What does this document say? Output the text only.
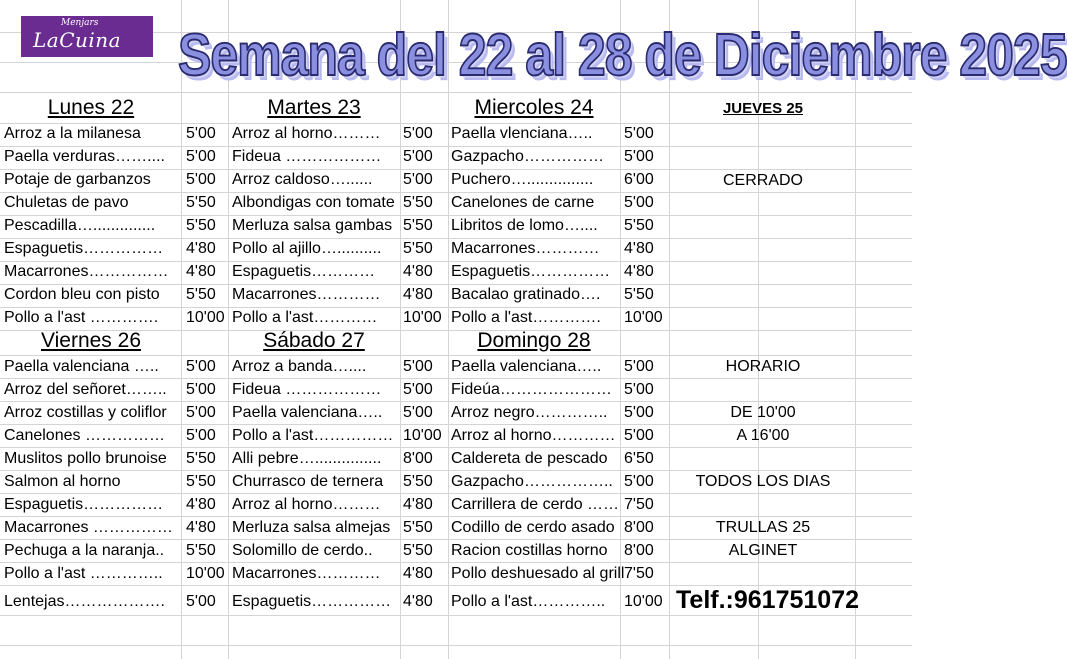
Menjars
LaCuina Semana del 22 al 28 de Diciembre 2025
Lunes 22	Martes 23	Miercoles 24	JUEVES 25
CERRADO
Arroz a la milanesa	5'00	Arroz al horno………	5'00	Paella vlenciana…..	5'00
Paella verduras……....	5'00	Fideua ………………	5'00	Gazpacho……………	5'00
Potaje de garbanzos	5'00	Arroz caldoso…......	5'00	Puchero…...............	6'00
Chuletas de pavo	5'50	Albondigas con tomate 5'50	Canelones de carne	5'00
Pescadilla…..............	5'50	Merluza salsa gambas 5'50	Libritos de lomo…....	5'50
Espaguetis……………	4'80	Pollo al ajillo…..........	5'50	Macarrones…………	4'80
Macarrones……………	4'80	Espaguetis…………	4'80	Espaguetis…………… 4'80
Cordon bleu con pisto	5'50	Macarrones…………	4'80	Bacalao gratinado….	5'50
Pollo a l'ast ………….	10'00 Pollo a l'ast…………	10'00 Pollo a l'ast………….	10'00
Viernes 26	Sábado 27	Domingo 28
Paella valenciana …..	5'00	Arroz a banda…....	5'00	Paella valenciana…..	5'00
Arroz del señoret……..	5'00	Fideua ………………	5'00	Fideúa………………… 5'00
Arroz costillas y coliflor	5'00	Paella valenciana…..	5'00	Arroz negro…………..	5'00
Canelones ……………	5'00	Pollo a l'ast…………… 10'00 Arroz al horno………… 5'00
Muslitos pollo brunoise	5'50	Alli pebre…...............	8'00	Caldereta de pescado	6'50
Salmon al horno	5'50	Churrasco de ternera	5'50	Gazpacho…………….. 5'00
Espaguetis……………	4'80	Arroz al horno………	4'80	Carrillera de cerdo …… 7'50
Macarrones …………… 4'80	Merluza salsa almejas 5'50	Codillo de cerdo asado 8'00
Pechuga a la naranja..	5'50	Solomillo de cerdo..	5'50	Racion costillas horno	8'00
Pollo a l'ast …………..	10'00 Macarrones…………	4'80	Pollo deshuesado al grill 7'50
Lentejas……………….	5'00	Espaguetis…………… 4'80	Pollo a l'ast…………..	10'00
HORARIO
DE 10'00
A 16'00
TODOS LOS DIAS
TRULLAS 25
ALGINET
Telf.:961751072
